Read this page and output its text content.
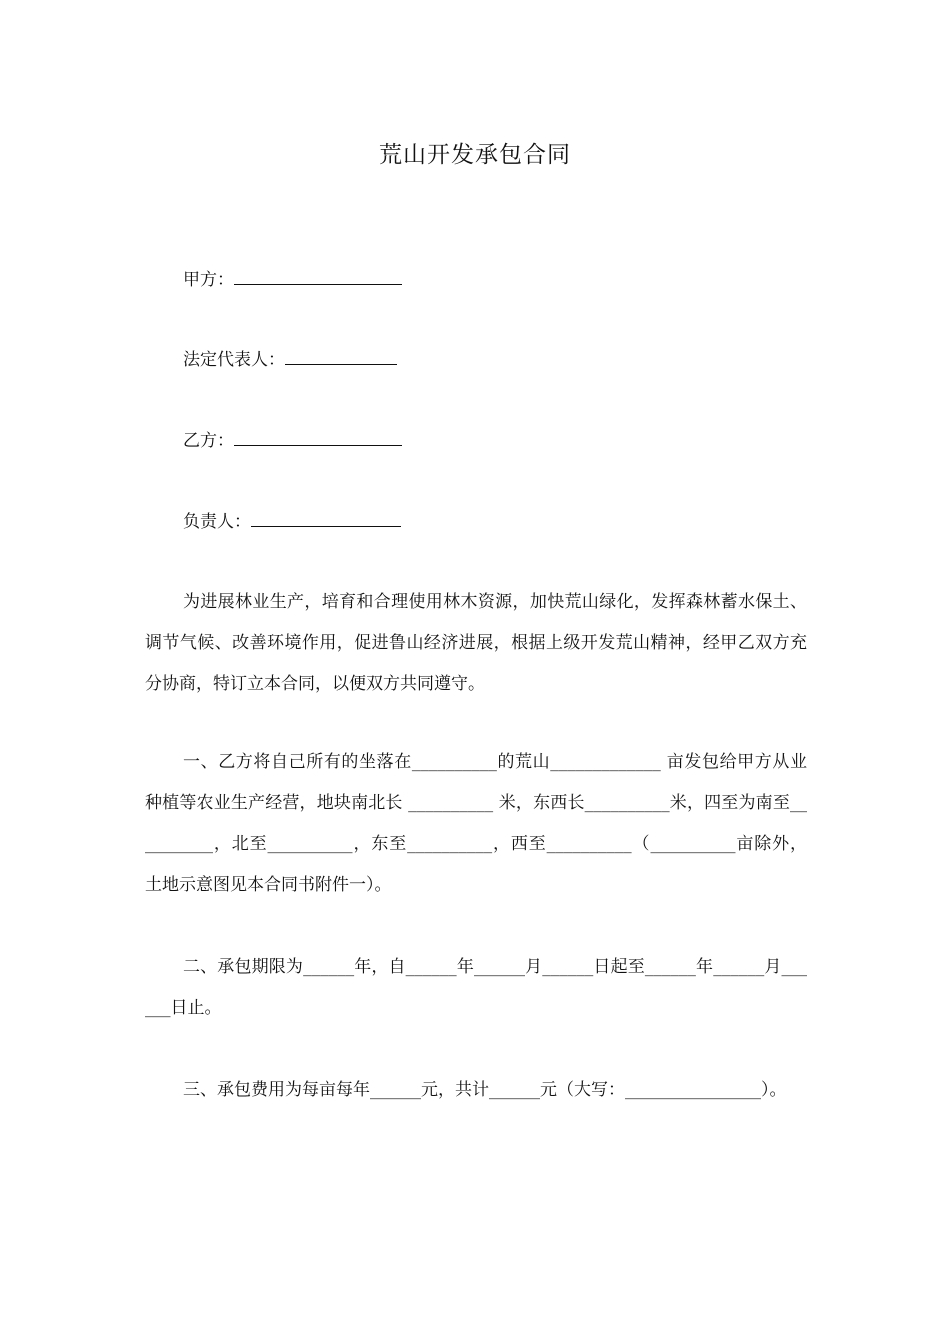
荒山开发承包合同
甲方：
法定代表人：
乙方：
负责人：
为进展林业生产，培育和合理使用林木资源，加快荒山绿化，发挥森林蓄水保土、调节气候、改善环境作用，促进鲁山经济进展，根据上级开发荒山精神，经甲乙双方充分协商，特订立本合同，以便双方共同遵守。
一、乙方将自己所有的坐落在__________的荒山_____________ 亩发包给甲方从业种植等农业生产经营，地块南北长 __________ 米，东西长__________米，四至为南至__________，北至__________，东至__________，西至__________（__________亩除外，土地示意图见本合同书附件一）。
二、承包期限为______年，自______年______月______日起至______年______月______日止。
三、承包费用为每亩每年______元，共计______元（大写：________________）。
